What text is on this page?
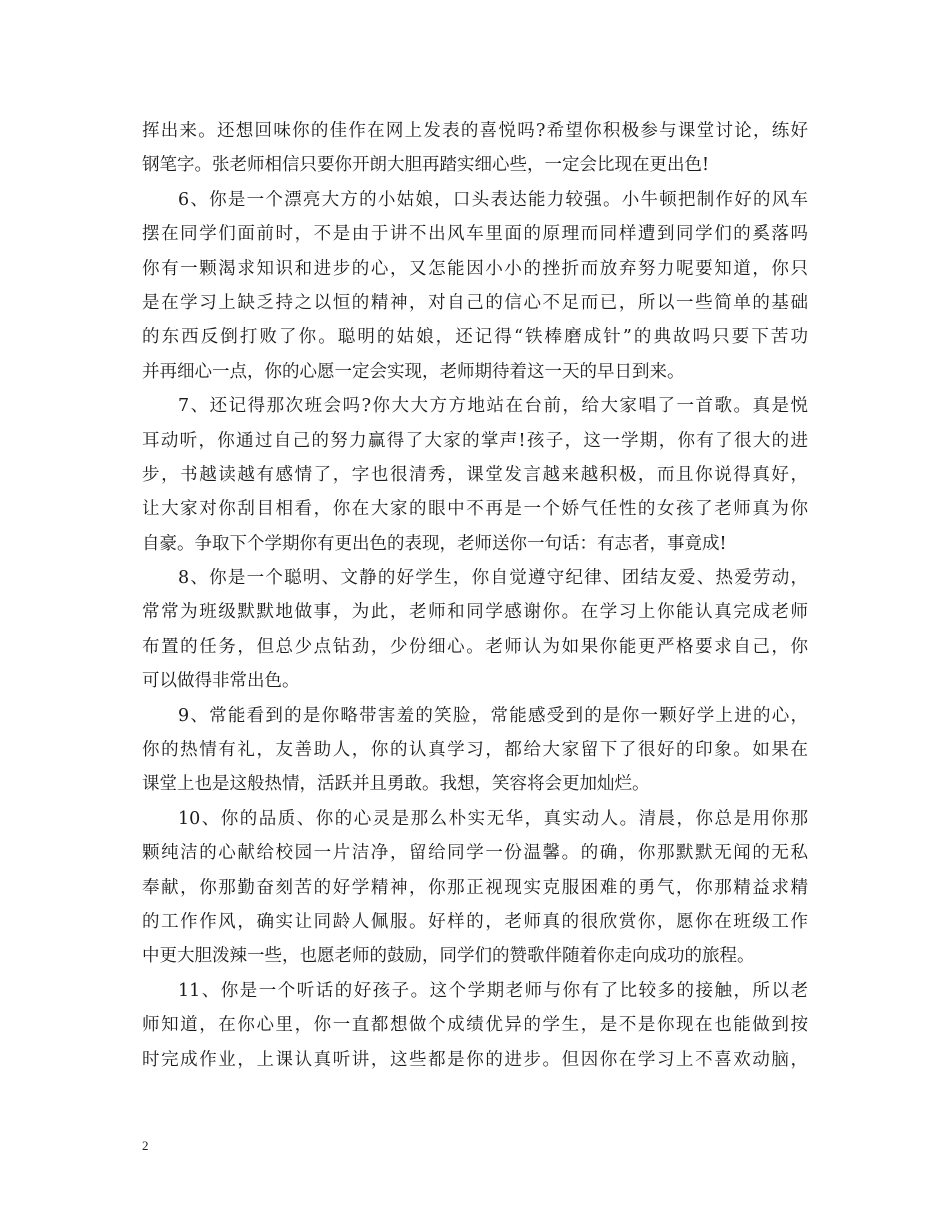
挥出来。还想回味你的佳作在网上发表的喜悦吗?希望你积极参与课堂讨论，练好
钢笔字。张老师相信只要你开朗大胆再踏实细心些，一定会比现在更出色!
6、你是一个漂亮大方的小姑娘，口头表达能力较强。小牛顿把制作好的风车
摆在同学们面前时，不是由于讲不出风车里面的原理而同样遭到同学们的奚落吗
你有一颗渴求知识和进步的心，又怎能因小小的挫折而放弃努力呢要知道，你只
是在学习上缺乏持之以恒的精神，对自己的信心不足而已，所以一些简单的基础
的东西反倒打败了你。聪明的姑娘，还记得“铁棒磨成针”的典故吗只要下苦功
并再细心一点，你的心愿一定会实现，老师期待着这一天的早日到来。
7、还记得那次班会吗?你大大方方地站在台前，给大家唱了一首歌。真是悦
耳动听，你通过自己的努力赢得了大家的掌声!孩子，这一学期，你有了很大的进
步，书越读越有感情了，字也很清秀，课堂发言越来越积极，而且你说得真好，
让大家对你刮目相看，你在大家的眼中不再是一个娇气任性的女孩了老师真为你
自豪。争取下个学期你有更出色的表现，老师送你一句话：有志者，事竟成!
8、你是一个聪明、文静的好学生，你自觉遵守纪律、团结友爱、热爱劳动，
常常为班级默默地做事，为此，老师和同学感谢你。在学习上你能认真完成老师
布置的任务，但总少点钻劲，少份细心。老师认为如果你能更严格要求自己，你
可以做得非常出色。
9、常能看到的是你略带害羞的笑脸，常能感受到的是你一颗好学上进的心，
你的热情有礼，友善助人，你的认真学习，都给大家留下了很好的印象。如果在
课堂上也是这般热情，活跃并且勇敢。我想，笑容将会更加灿烂。
10、你的品质、你的心灵是那么朴实无华，真实动人。清晨，你总是用你那
颗纯洁的心献给校园一片洁净，留给同学一份温馨。的确，你那默默无闻的无私
奉献，你那勤奋刻苦的好学精神，你那正视现实克服困难的勇气，你那精益求精
的工作作风，确实让同龄人佩服。好样的，老师真的很欣赏你，愿你在班级工作
中更大胆泼辣一些，也愿老师的鼓励，同学们的赞歌伴随着你走向成功的旅程。
11、你是一个听话的好孩子。这个学期老师与你有了比较多的接触，所以老
师知道，在你心里，你一直都想做个成绩优异的学生，是不是你现在也能做到按
时完成作业，上课认真听讲，这些都是你的进步。但因你在学习上不喜欢动脑，
2
